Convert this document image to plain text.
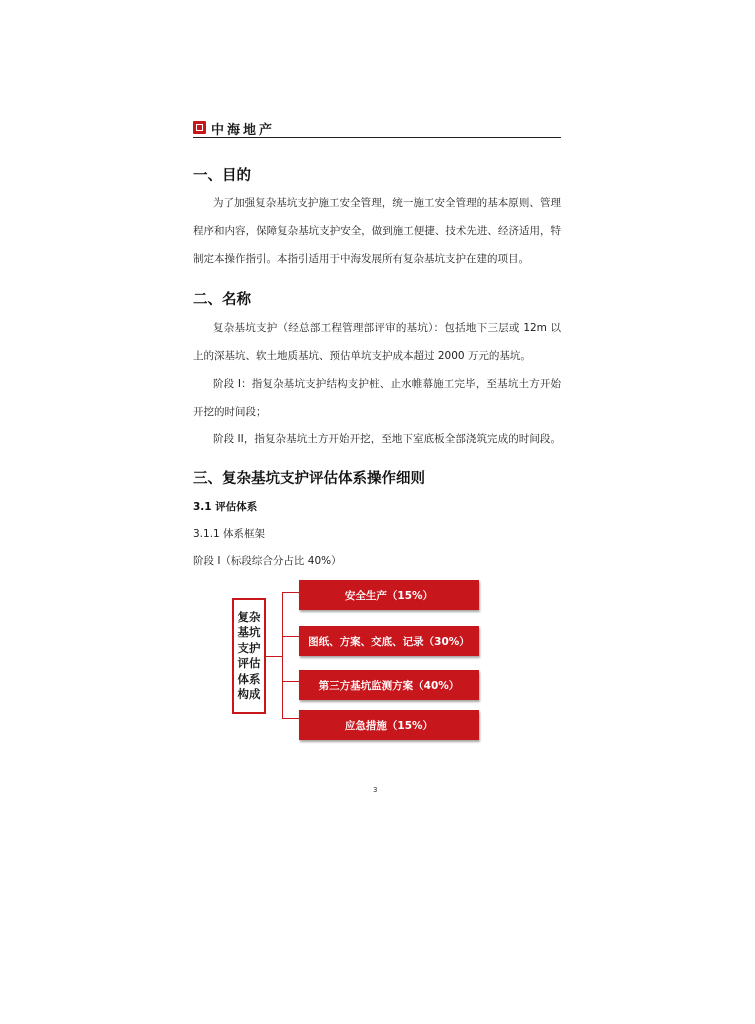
中海地产
一、目的
为了加强复杂基坑支护施工安全管理，统一施工安全管理的基本原则、管理
程序和内容，保障复杂基坑支护安全，做到施工便捷、技术先进、经济适用，特
制定本操作指引。本指引适用于中海发展所有复杂基坑支护在建的项目。
二、名称
复杂基坑支护（经总部工程管理部评审的基坑）：包括地下三层或 12m 以
上的深基坑、软土地质基坑、预估单坑支护成本超过 2000 万元的基坑。
阶段 I：指复杂基坑支护结构支护桩、止水帷幕施工完毕，至基坑土方开始
开挖的时间段；
阶段 II，指复杂基坑土方开始开挖，至地下室底板全部浇筑完成的时间段。
三、复杂基坑支护评估体系操作细则
3.1 评估体系
3.1.1 体系框架
阶段 I（标段综合分占比 40%）
复杂基坑支护评估体系构成
安全生产（15%）
图纸、方案、交底、记录（30%）
第三方基坑监测方案（40%）
应急措施（15%）
3
